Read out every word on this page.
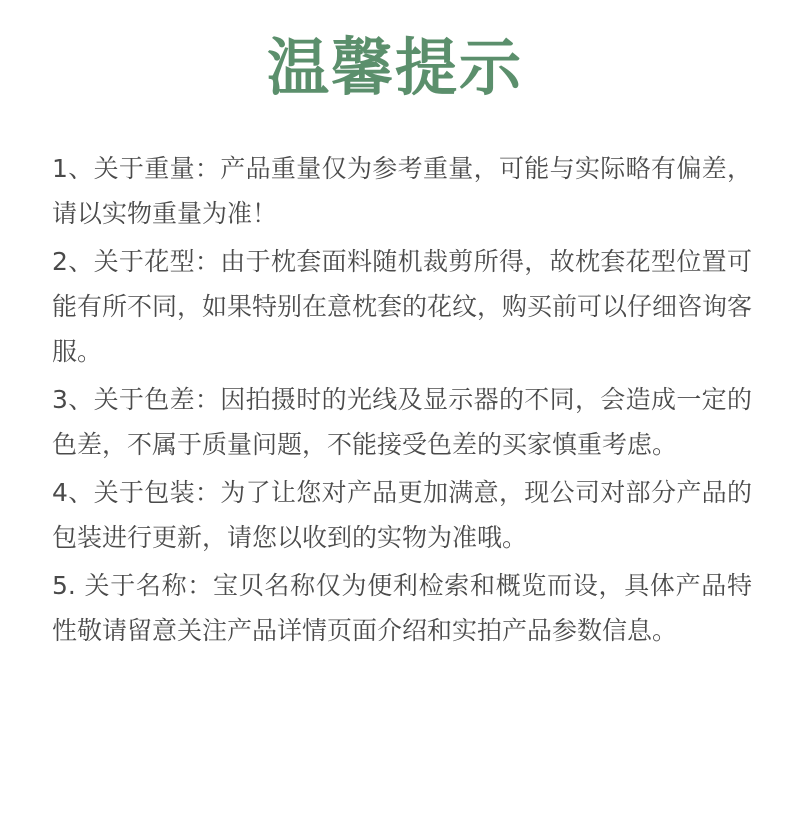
温馨提示

1、关于重量：产品重量仅为参考重量，可能与实际略有偏差，请以实物重量为准！

2、关于花型：由于枕套面料随机裁剪所得，故枕套花型位置可能有所不同，如果特别在意枕套的花纹，购买前可以仔细咨询客服。

3、关于色差：因拍摄时的光线及显示器的不同，会造成一定的色差，不属于质量问题，不能接受色差的买家慎重考虑。

4、关于包装：为了让您对产品更加满意，现公司对部分产品的包装进行更新，请您以收到的实物为准哦。

5. 关于名称：宝贝名称仅为便利检索和概览而设，具体产品特性敬请留意关注产品详情页面介绍和实拍产品参数信息。
